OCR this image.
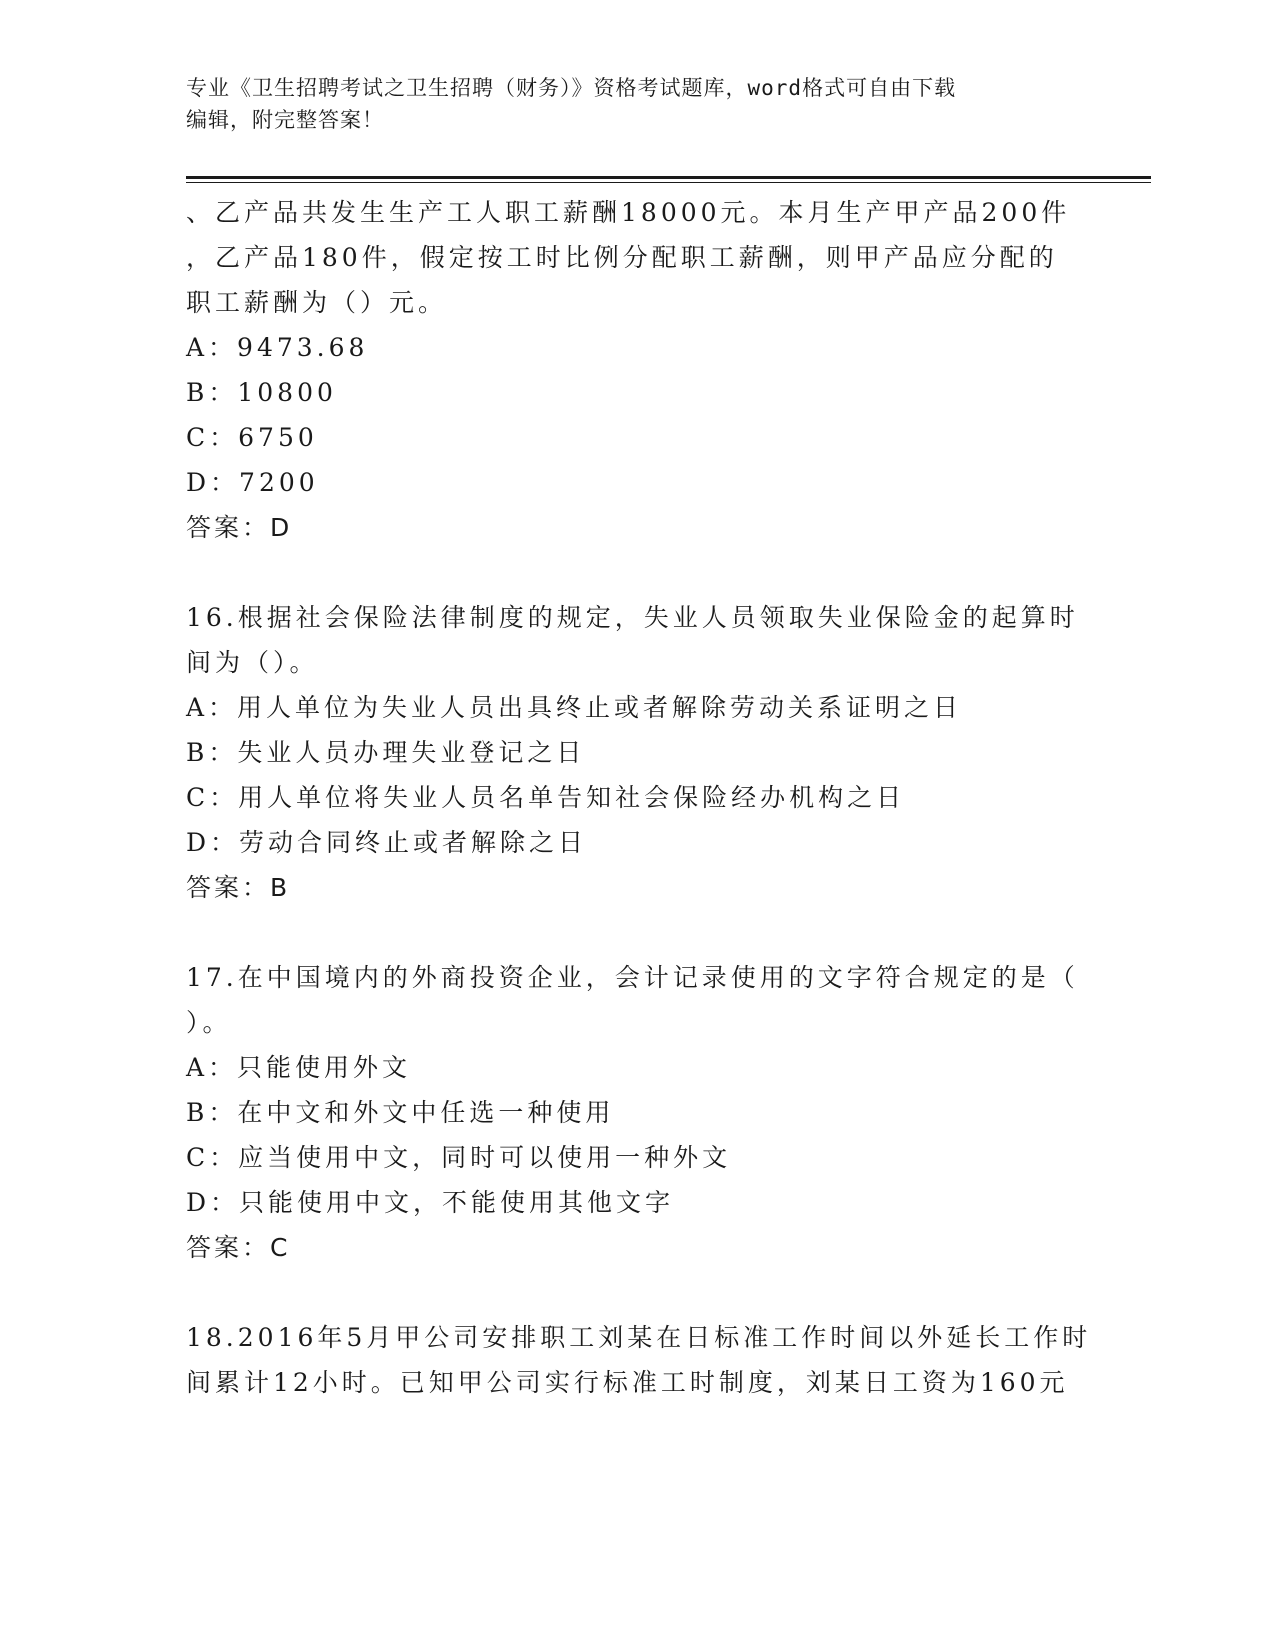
专业《卫生招聘考试之卫生招聘（财务）》资格考试题库，word格式可自由下载
编辑，附完整答案！
、乙产品共发生生产工人职工薪酬18000元。本月生产甲产品200件
，乙产品180件，假定按工时比例分配职工薪酬，则甲产品应分配的
职工薪酬为（）元。
A：9473.68
B：10800
C：6750
D：7200
答案：D
16.根据社会保险法律制度的规定，失业人员领取失业保险金的起算时
间为（）。
A：用人单位为失业人员出具终止或者解除劳动关系证明之日
B：失业人员办理失业登记之日
C：用人单位将失业人员名单告知社会保险经办机构之日
D：劳动合同终止或者解除之日
答案：B
17.在中国境内的外商投资企业，会计记录使用的文字符合规定的是（
）。
A：只能使用外文
B：在中文和外文中任选一种使用
C：应当使用中文，同时可以使用一种外文
D：只能使用中文，不能使用其他文字
答案：C
18.2016年5月甲公司安排职工刘某在日标准工作时间以外延长工作时
间累计12小时。已知甲公司实行标准工时制度，刘某日工资为160元
